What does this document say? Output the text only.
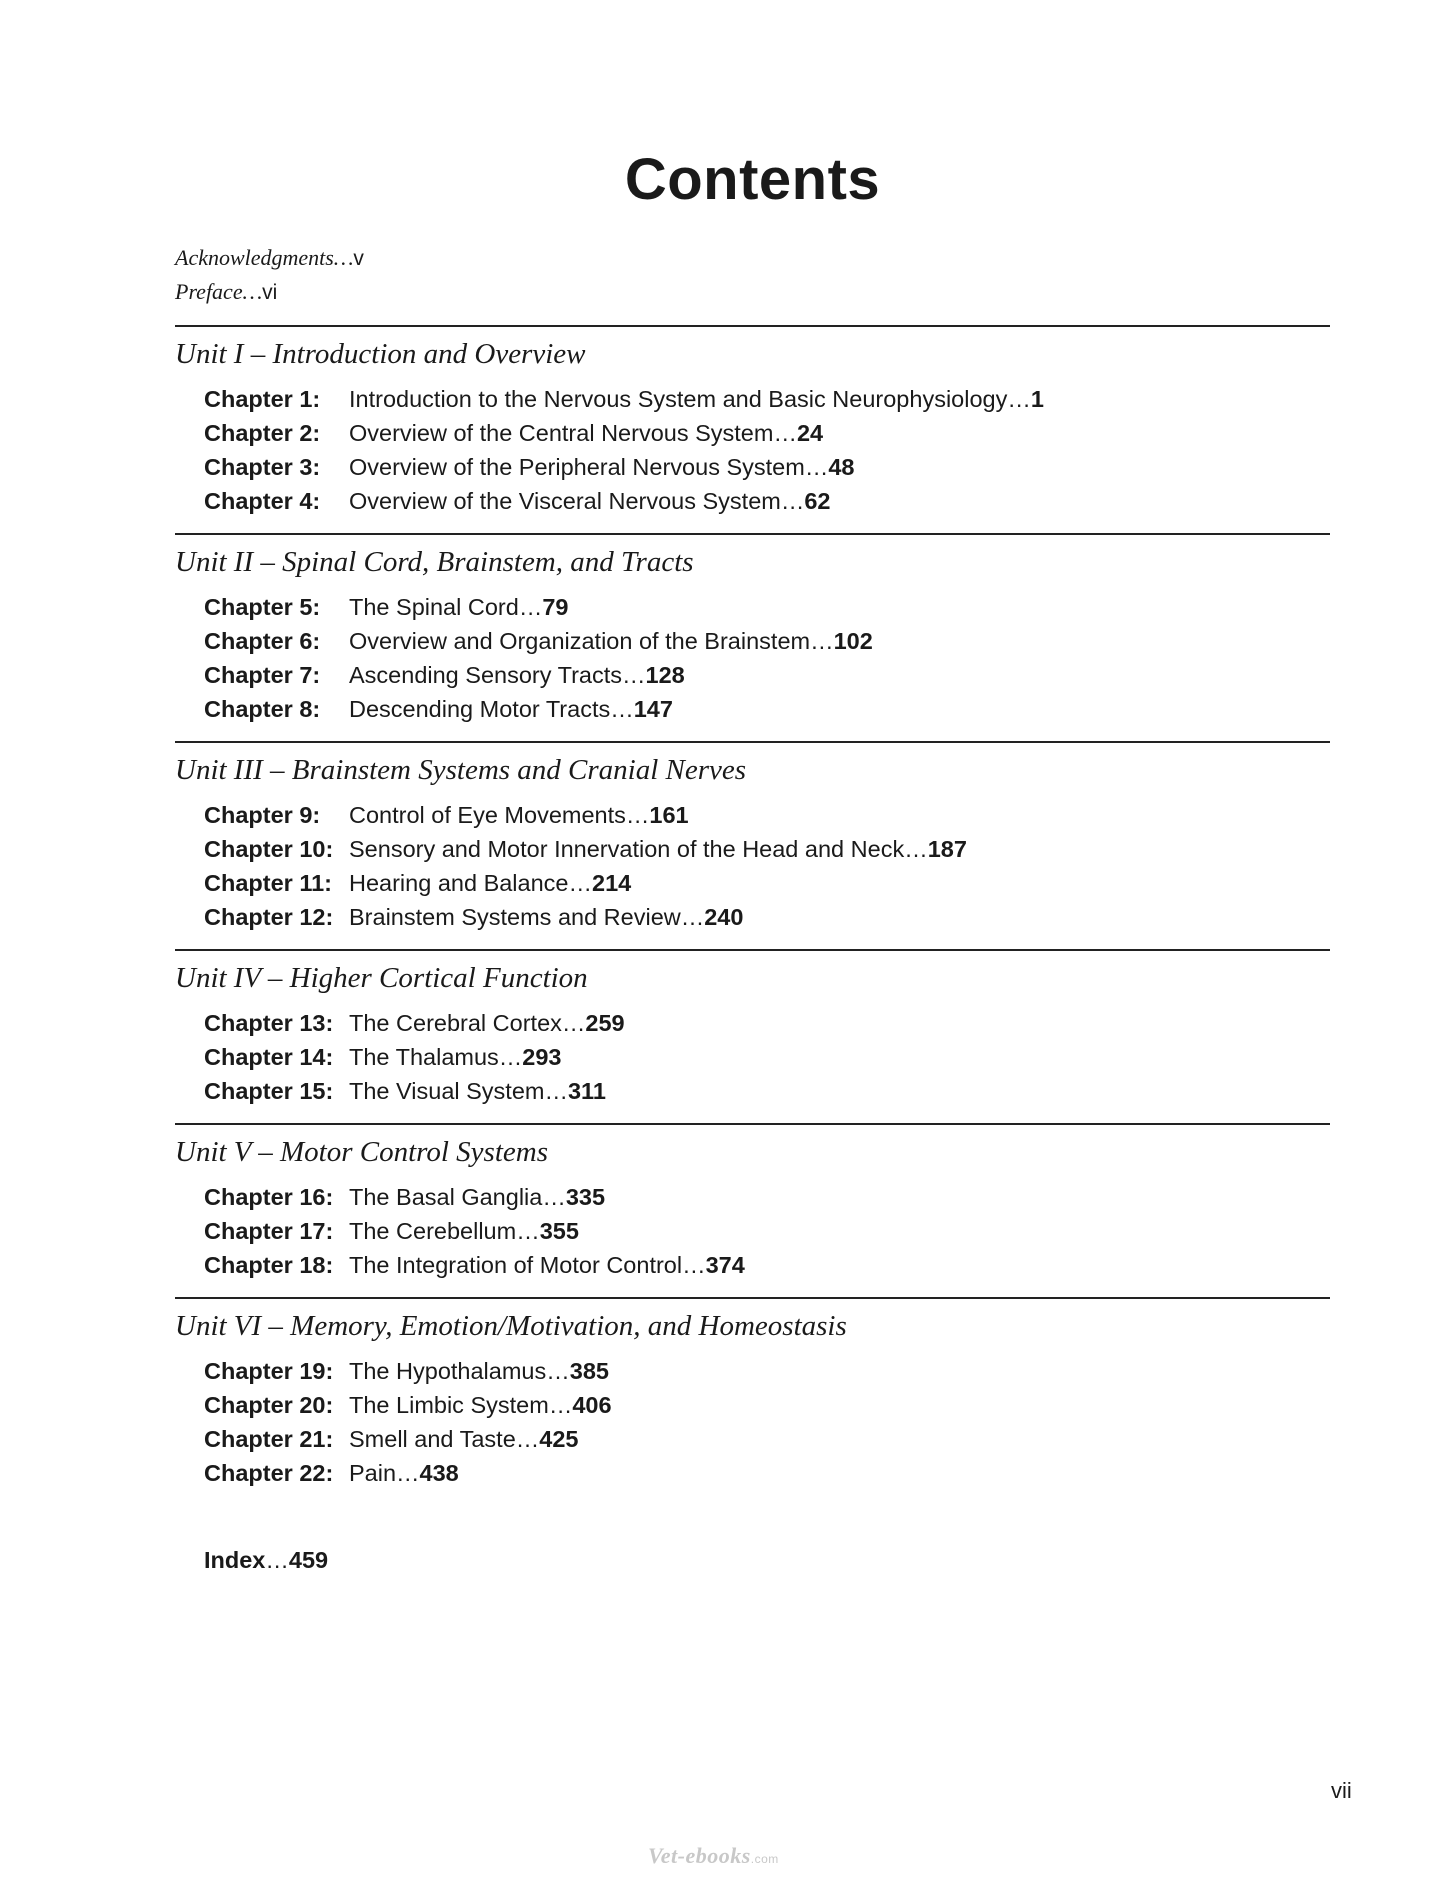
Contents
Acknowledgments…v
Preface…vi
Unit I – Introduction and Overview
Chapter 1:	Introduction to the Nervous System and Basic Neurophysiology…1
Chapter 2:	Overview of the Central Nervous System…24
Chapter 3:	Overview of the Peripheral Nervous System…48
Chapter 4:	Overview of the Visceral Nervous System…62
Unit II – Spinal Cord, Brainstem, and Tracts
Chapter 5:	The Spinal Cord…79
Chapter 6:	Overview and Organization of the Brainstem…102
Chapter 7:	Ascending Sensory Tracts…128
Chapter 8:	Descending Motor Tracts…147
Unit III – Brainstem Systems and Cranial Nerves
Chapter 9:	Control of Eye Movements…161
Chapter 10: Sensory and Motor Innervation of the Head and Neck…187
Chapter 11: Hearing and Balance…214
Chapter 12: Brainstem Systems and Review…240
Unit IV – Higher Cortical Function
Chapter 13: The Cerebral Cortex…259
Chapter 14: The Thalamus…293
Chapter 15: The Visual System…311
Unit V – Motor Control Systems
Chapter 16: The Basal Ganglia…335
Chapter 17: The Cerebellum…355
Chapter 18: The Integration of Motor Control…374
Unit VI – Memory, Emotion/Motivation, and Homeostasis
Chapter 19: The Hypothalamus…385
Chapter 20: The Limbic System…406
Chapter 21: Smell and Taste…425
Chapter 22: Pain…438
Index…459
vii
Vet-ebooks.com
